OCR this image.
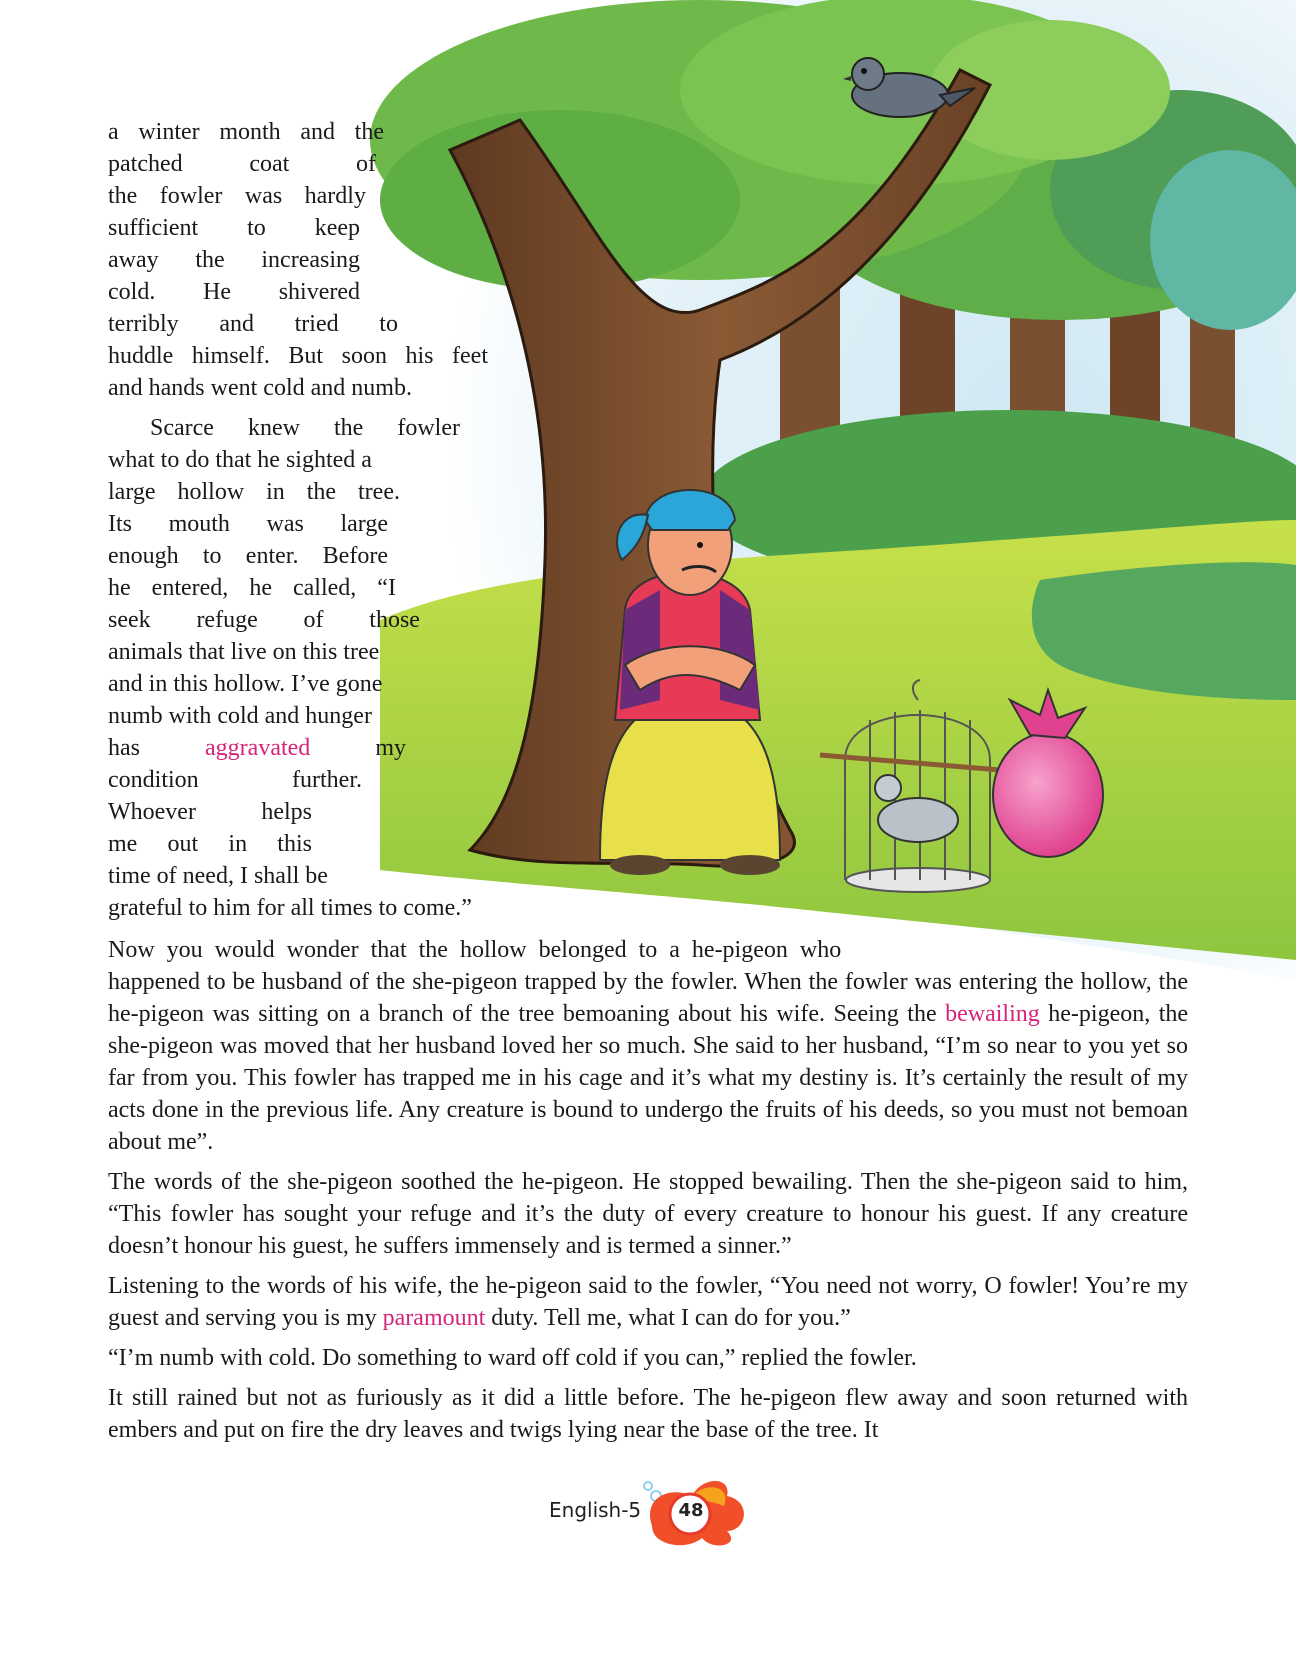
a winter month and the
patched	coat	of
the fowler was hardly
sufficient to keep
away the increasing
cold. He shivered
terribly and tried to
huddle himself. But soon his feet
and hands went cold and numb.
Scarce knew the fowler
what to do that he sighted a
large hollow in the tree.
Its mouth was large
enough to enter. Before
he entered, he called, “I
seek refuge of those
animals that live on this tree
and in this hollow. I’ve gone
numb with cold and hunger
has	aggravated	my
condition	further.
Whoever	helps
me out in this
time of need, I shall be
grateful to him for all times to come.”
Now you would wonder that the hollow belonged to a he-pigeon who

happened to be husband of the she-pigeon trapped by the fowler. When the fowler was entering the hollow, the he-pigeon was sitting on a branch of the tree bemoaning about his wife. Seeing the bewailing he-pigeon, the she-pigeon was moved that her husband loved her so much. She said to her husband, “I’m so near to you yet so far from you. This fowler has trapped me in his cage and it’s what my destiny is. It’s certainly the result of my acts done in the previous life. Any creature is bound to undergo the fruits of his deeds, so you must not bemoan about me”.

The words of the she-pigeon soothed the he-pigeon. He stopped bewailing. Then the she-pigeon said to him, “This fowler has sought your refuge and it’s the duty of every creature to honour his guest. If any creature doesn’t honour his guest, he suffers immensely and is termed a sinner.”

Listening to the words of his wife, the he-pigeon said to the fowler, “You need not worry, O fowler! You’re my guest and serving you is my paramount duty. Tell me, what I can do for you.”

“I’m numb with cold. Do something to ward off cold if you can,” replied the fowler.

It still rained but not as furiously as it did a little before. The he-pigeon flew away and soon returned with embers and put on fire the dry leaves and twigs lying near the base of the tree. It

English-5	48
